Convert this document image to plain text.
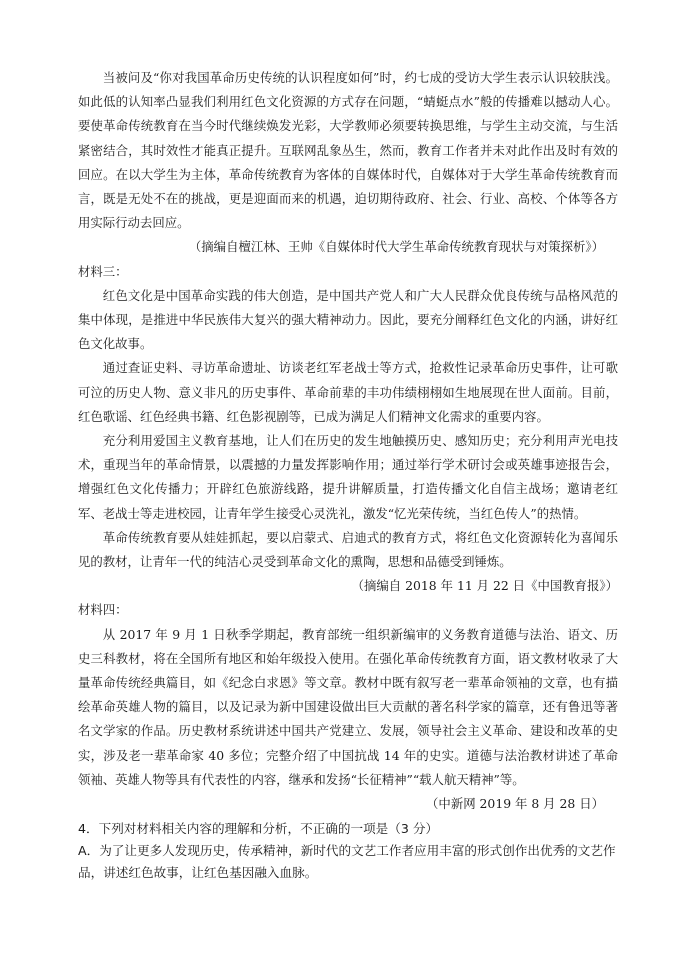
当被问及“你对我国革命历史传统的认识程度如何”时，约七成的受访大学生表示认识较肤浅。如此低的认知率凸显我们利用红色文化资源的方式存在问题，“蜻蜓点水”般的传播难以撼动人心。要使革命传统教育在当今时代继续焕发光彩，大学教师必须要转换思维，与学生主动交流，与生活紧密结合，其时效性才能真正提升。互联网乱象丛生，然而，教育工作者并未对此作出及时有效的回应。在以大学生为主体，革命传统教育为客体的自媒体时代，自媒体对于大学生革命传统教育而言，既是无处不在的挑战，更是迎面而来的机遇，迫切期待政府、社会、行业、高校、个体等各方用实际行动去回应。

（摘编自檀江林、王帅《自媒体时代大学生革命传统教育现状与对策探析》）

材料三：

红色文化是中国革命实践的伟大创造，是中国共产党人和广大人民群众优良传统与品格风范的集中体现，是推进中华民族伟大复兴的强大精神动力。因此，要充分阐释红色文化的内涵，讲好红色文化故事。

通过查证史料、寻访革命遗址、访谈老红军老战士等方式，抢救性记录革命历史事件，让可歌可泣的历史人物、意义非凡的历史事件、革命前辈的丰功伟绩栩栩如生地展现在世人面前。目前，红色歌谣、红色经典书籍、红色影视剧等，已成为满足人们精神文化需求的重要内容。

充分利用爱国主义教育基地，让人们在历史的发生地触摸历史、感知历史；充分利用声光电技术，重现当年的革命情景，以震撼的力量发挥影响作用；通过举行学术研讨会或英雄事迹报告会，增强红色文化传播力；开辟红色旅游线路，提升讲解质量，打造传播文化自信主战场；邀请老红军、老战士等走进校园，让青年学生接受心灵洗礼，激发“忆光荣传统，当红色传人”的热情。

革命传统教育要从娃娃抓起，要以启蒙式、启迪式的教育方式，将红色文化资源转化为喜闻乐见的教材，让青年一代的纯洁心灵受到革命文化的熏陶，思想和品德受到锤炼。

（摘编自 2018 年 11 月 22 日《中国教育报》）

材料四：

从 2017 年 9 月 1 日秋季学期起，教育部统一组织新编审的义务教育道德与法治、语文、历史三科教材，将在全国所有地区和始年级投入使用。在强化革命传统教育方面，语文教材收录了大量革命传统经典篇目，如《纪念白求恩》等文章。教材中既有叙写老一辈革命领袖的文章，也有描绘革命英雄人物的篇目，以及记录为新中国建设做出巨大贡献的著名科学家的篇章，还有鲁迅等著名文学家的作品。历史教材系统讲述中国共产党建立、发展，领导社会主义革命、建设和改革的史实，涉及老一辈革命家 40 多位；完整介绍了中国抗战 14 年的史实。道德与法治教材讲述了革命领袖、英雄人物等具有代表性的内容，继承和发扬“长征精神”“载人航天精神”等。

（中新网 2019 年 8 月 28 日）

4．下列对材料相关内容的理解和分析，不正确的一项是（3 分）

A．为了让更多人发现历史，传承精神，新时代的文艺工作者应用丰富的形式创作出优秀的文艺作品，讲述红色故事，让红色基因融入血脉。
